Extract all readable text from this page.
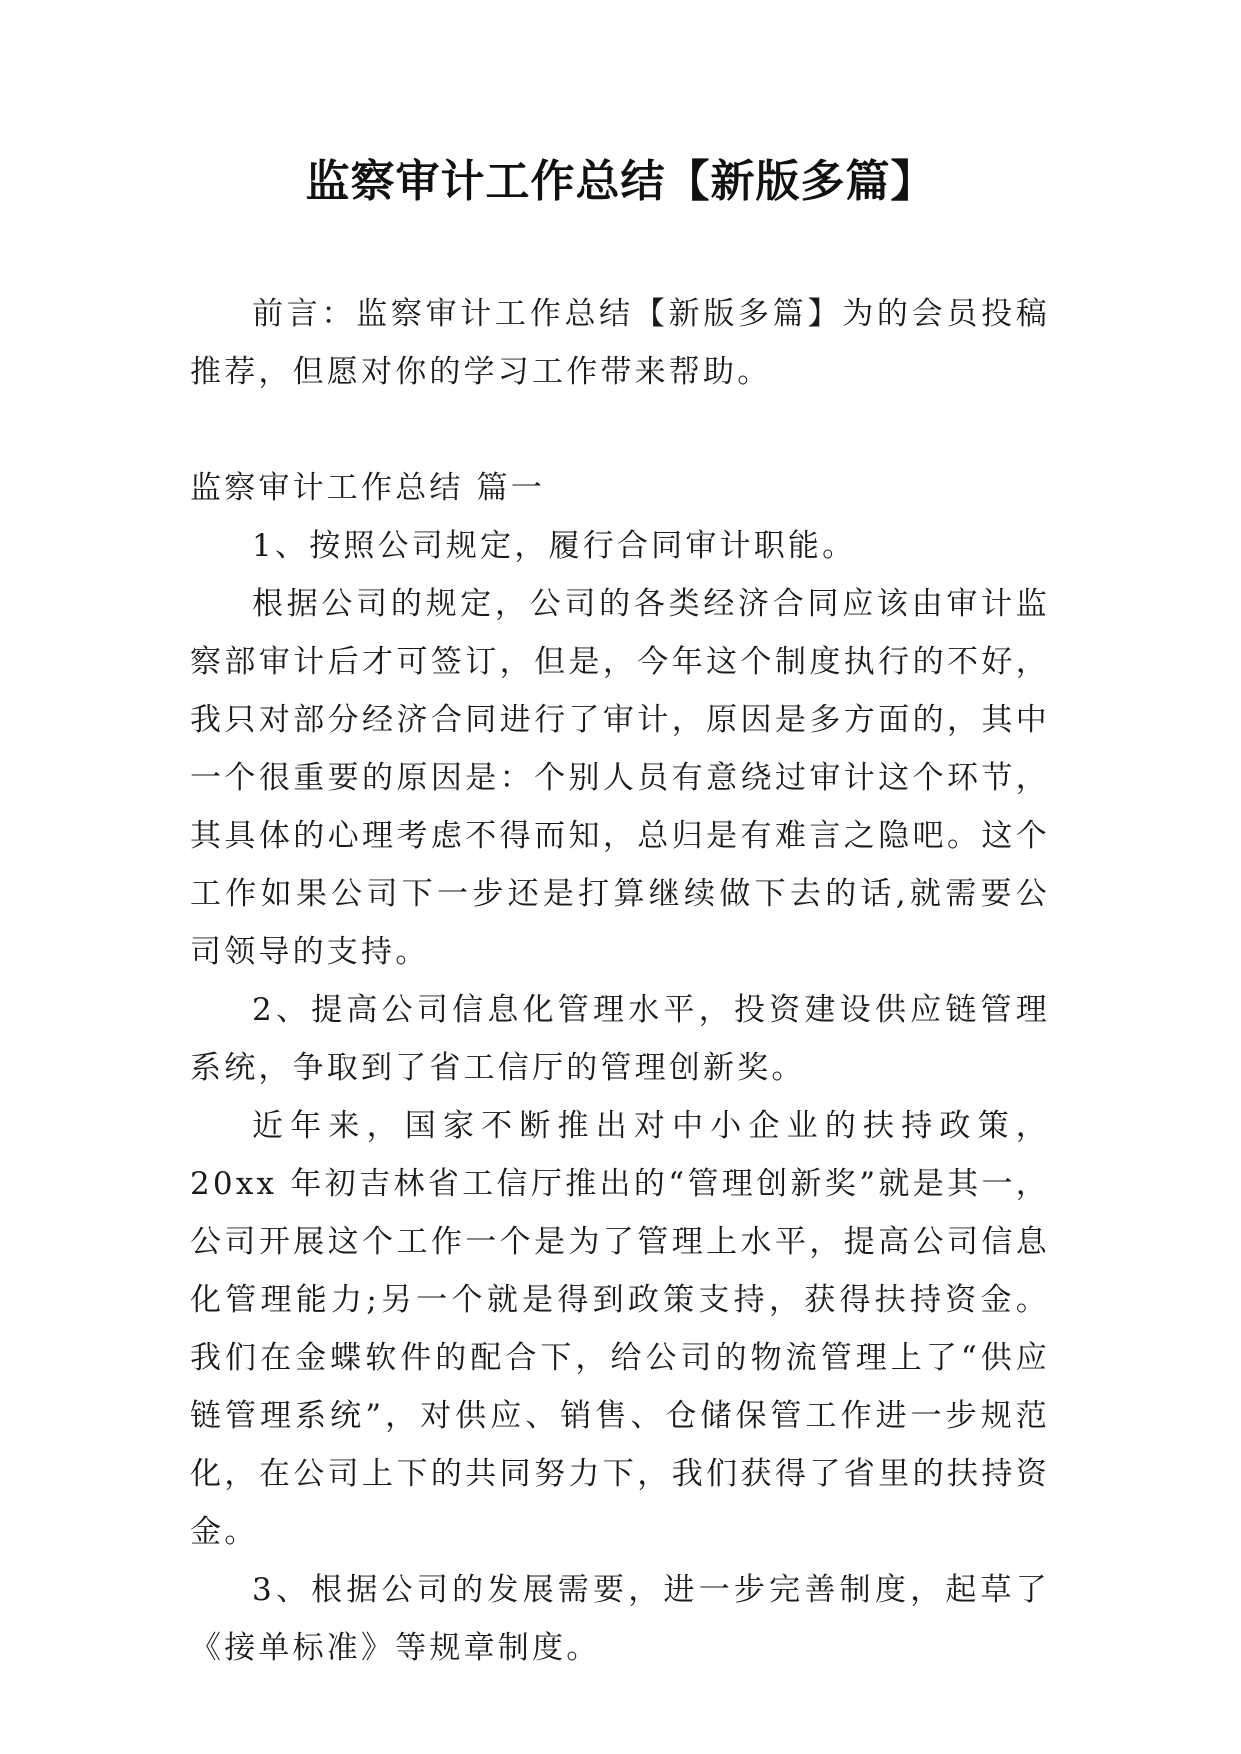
监察审计工作总结【新版多篇】

前言：监察审计工作总结【新版多篇】为的会员投稿推荐，但愿对你的学习工作带来帮助。

监察审计工作总结 篇一

1、按照公司规定，履行合同审计职能。

根据公司的规定，公司的各类经济合同应该由审计监察部审计后才可签订，但是，今年这个制度执行的不好，我只对部分经济合同进行了审计，原因是多方面的，其中一个很重要的原因是：个别人员有意绕过审计这个环节，其具体的心理考虑不得而知，总归是有难言之隐吧。这个工作如果公司下一步还是打算继续做下去的话,就需要公司领导的支持。

2、提高公司信息化管理水平，投资建设供应链管理系统，争取到了省工信厅的管理创新奖。

近年来，国家不断推出对中小企业的扶持政策，20xx 年初吉林省工信厅推出的“管理创新奖”就是其一，公司开展这个工作一个是为了管理上水平，提高公司信息化管理能力;另一个就是得到政策支持，获得扶持资金。我们在金蝶软件的配合下，给公司的物流管理上了“供应链管理系统”，对供应、销售、仓储保管工作进一步规范化，在公司上下的共同努力下，我们获得了省里的扶持资金。

3、根据公司的发展需要，进一步完善制度，起草了《接单标准》等规章制度。
